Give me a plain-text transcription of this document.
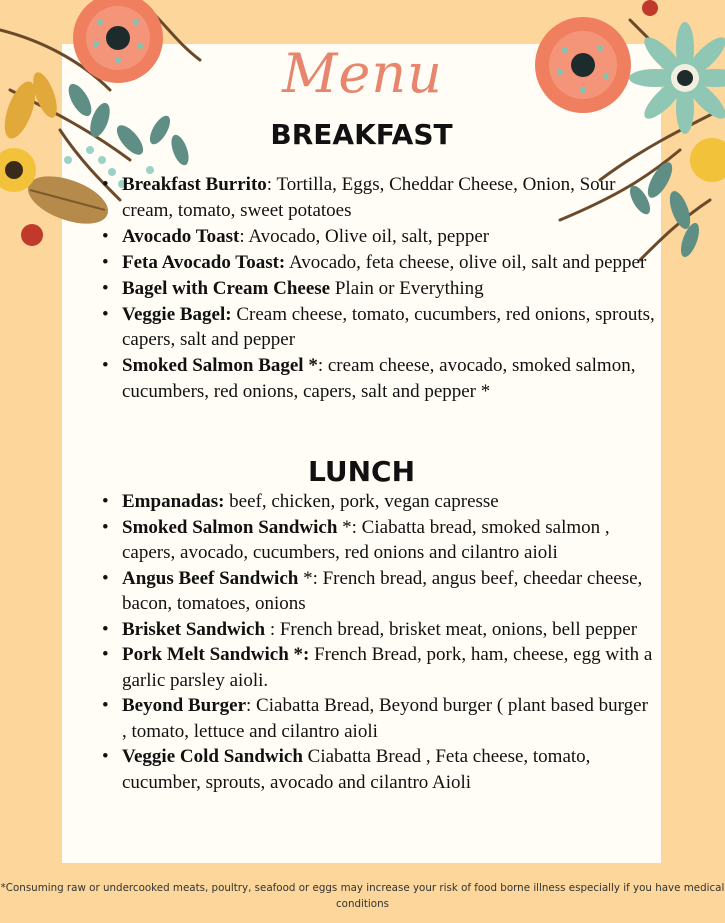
Menu
BREAKFAST
• Breakfast Burrito: Tortilla, Eggs, Cheddar Cheese, Onion, Sour cream, tomato, sweet potatoes
• Avocado Toast: Avocado, Olive oil, salt, pepper
• Feta Avocado Toast: Avocado, feta cheese, olive oil, salt and pepper
• Bagel with Cream Cheese Plain or Everything
• Veggie Bagel: Cream cheese, tomato, cucumbers, red onions, sprouts, capers, salt and pepper
• Smoked Salmon Bagel *: cream cheese, avocado, smoked salmon, cucumbers, red onions, capers, salt and pepper *
LUNCH
• Empanadas: beef, chicken, pork, vegan capresse
• Smoked Salmon Sandwich *: Ciabatta bread, smoked salmon , capers, avocado, cucumbers, red onions and cilantro aioli
• Angus Beef Sandwich *: French bread, angus beef, cheedar cheese, bacon, tomatoes, onions
• Brisket Sandwich : French bread, brisket meat, onions, bell pepper
• Pork Melt Sandwich *: French Bread, pork, ham, cheese, egg with a garlic parsley aioli.
• Beyond Burger: Ciabatta Bread, Beyond burger ( plant based burger , tomato, lettuce and cilantro aioli
• Veggie Cold Sandwich Ciabatta Bread , Feta cheese, tomato, cucumber, sprouts, avocado and cilantro Aioli
*Consuming raw or undercooked meats, poultry, seafood or eggs may increase your risk of food borne illness especially if you have medical conditions
